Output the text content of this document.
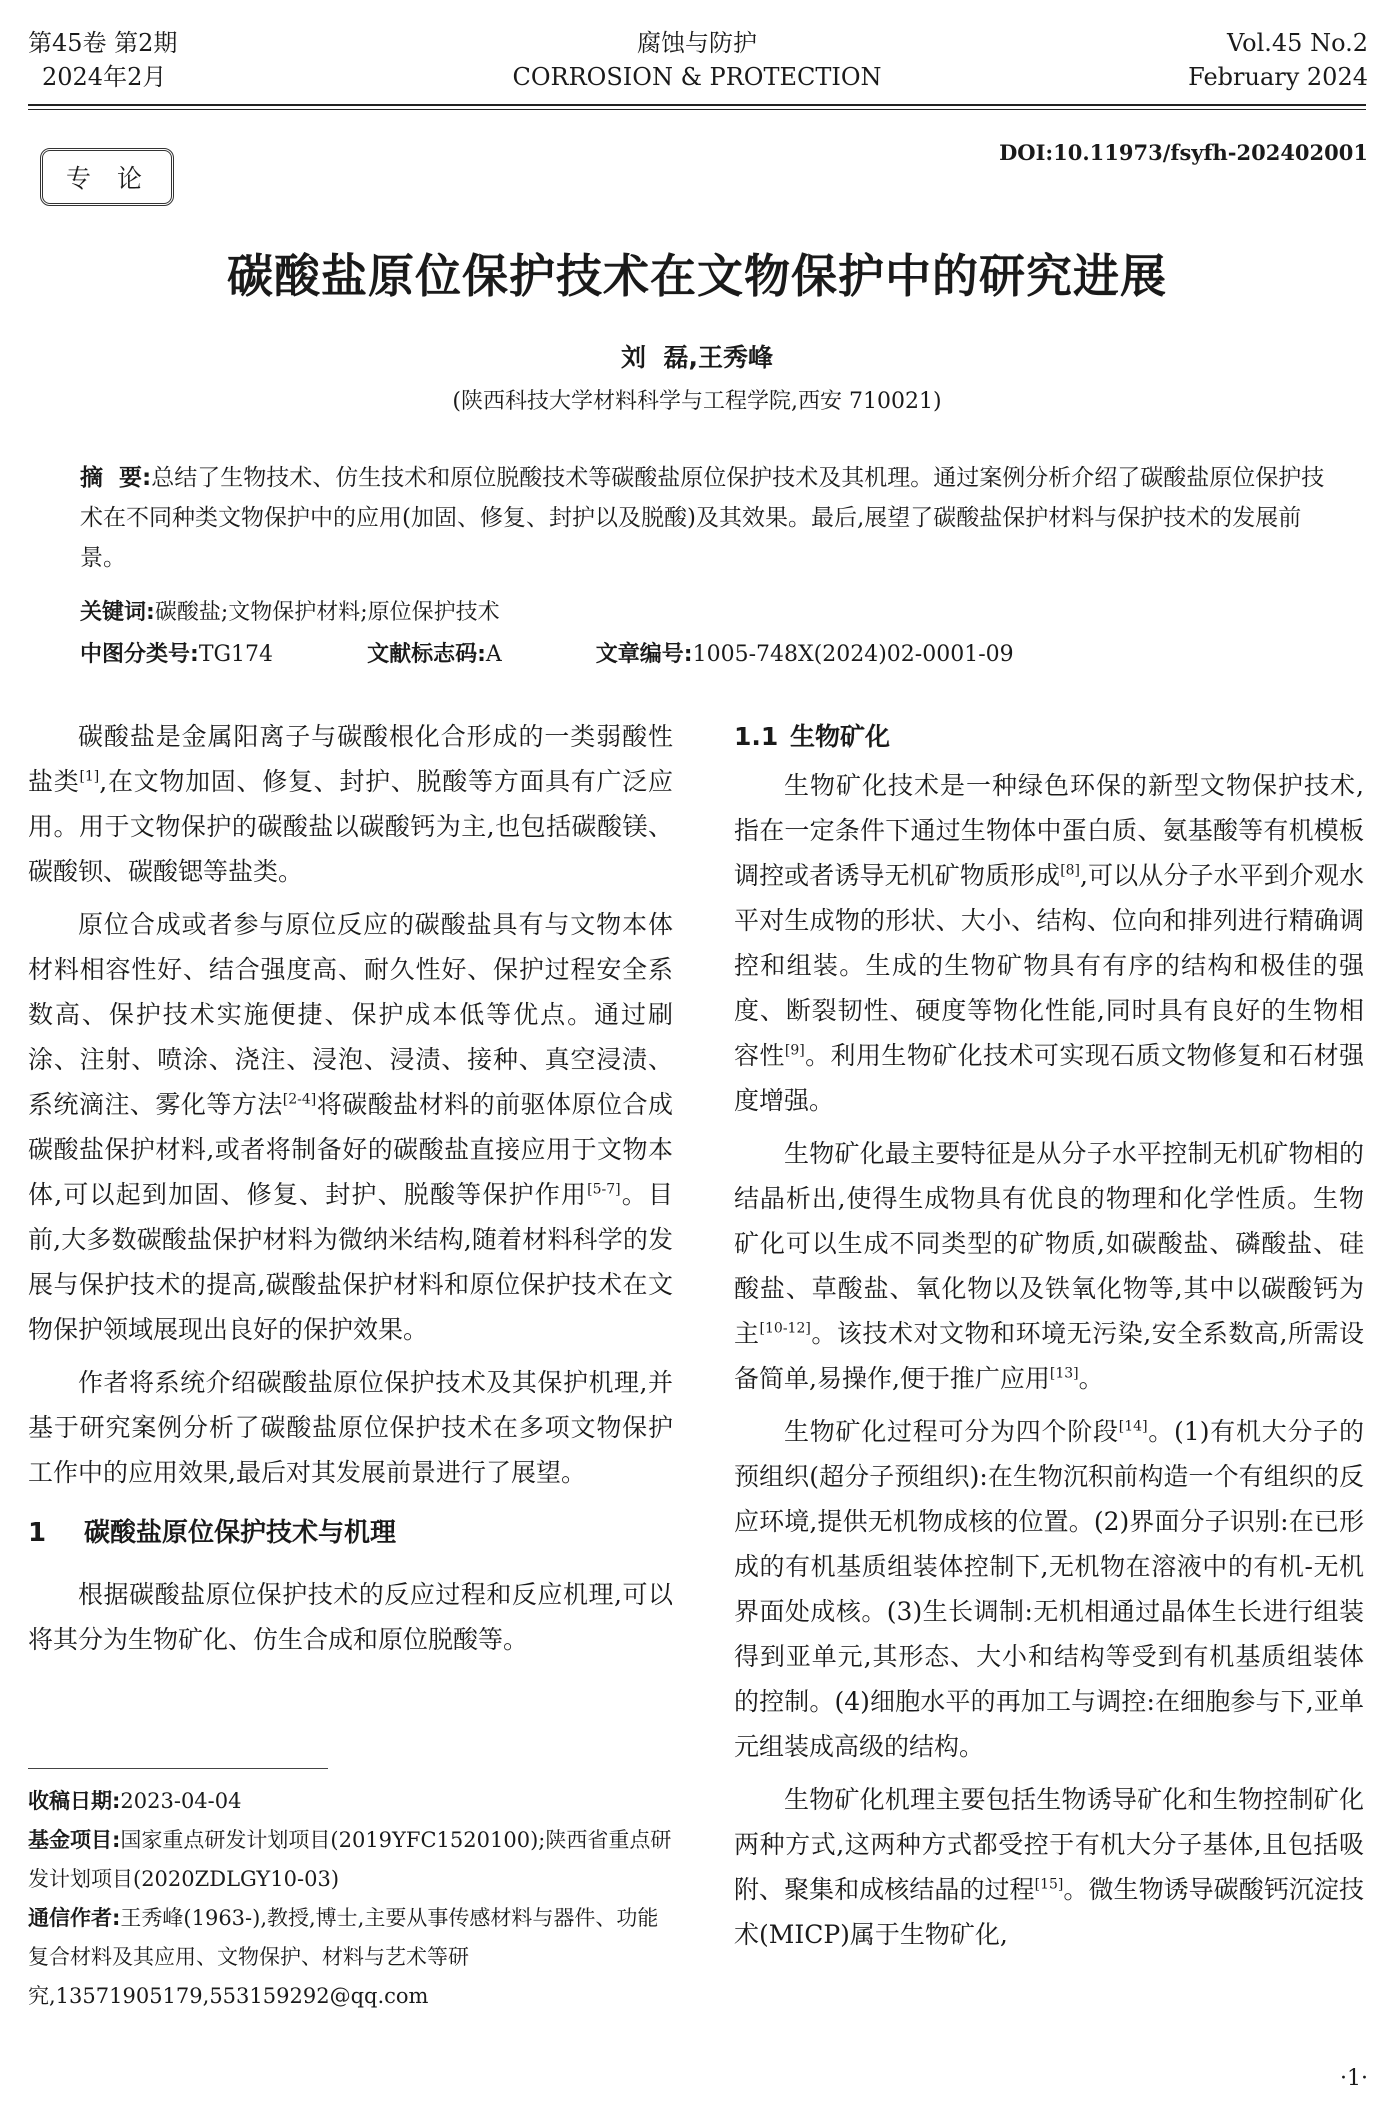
第45卷 第2期
2024年2月
腐蚀与防护
CORROSION & PROTECTION
Vol.45 No.2
February 2024
DOI:10.11973/fsyfh-202402001
专论
碳酸盐原位保护技术在文物保护中的研究进展
刘  磊,王秀峰
(陕西科技大学材料科学与工程学院,西安 710021)
摘  要:总结了生物技术、仿生技术和原位脱酸技术等碳酸盐原位保护技术及其机理。通过案例分析介绍了碳酸盐原位保护技术在不同种类文物保护中的应用(加固、修复、封护以及脱酸)及其效果。最后,展望了碳酸盐保护材料与保护技术的发展前景。
关键词:碳酸盐;文物保护材料;原位保护技术
中图分类号:TG174	文献标志码:A	文章编号:1005-748X(2024)02-0001-09

碳酸盐是金属阳离子与碳酸根化合形成的一类弱酸性盐类[1],在文物加固、修复、封护、脱酸等方面具有广泛应用。用于文物保护的碳酸盐以碳酸钙为主,也包括碳酸镁、碳酸钡、碳酸锶等盐类。

原位合成或者参与原位反应的碳酸盐具有与文物本体材料相容性好、结合强度高、耐久性好、保护过程安全系数高、保护技术实施便捷、保护成本低等优点。通过刷涂、注射、喷涂、浇注、浸泡、浸渍、接种、真空浸渍、系统滴注、雾化等方法[2-4]将碳酸盐材料的前驱体原位合成碳酸盐保护材料,或者将制备好的碳酸盐直接应用于文物本体,可以起到加固、修复、封护、脱酸等保护作用[5-7]。目前,大多数碳酸盐保护材料为微纳米结构,随着材料科学的发展与保护技术的提高,碳酸盐保护材料和原位保护技术在文物保护领域展现出良好的保护效果。

作者将系统介绍碳酸盐原位保护技术及其保护机理,并基于研究案例分析了碳酸盐原位保护技术在多项文物保护工作中的应用效果,最后对其发展前景进行了展望。

1 碳酸盐原位保护技术与机理

根据碳酸盐原位保护技术的反应过程和反应机理,可以将其分为生物矿化、仿生合成和原位脱酸等。

收稿日期:2023-04-04
基金项目:国家重点研发计划项目(2019YFC1520100);陕西省重点研发计划项目(2020ZDLGY10-03)
通信作者:王秀峰(1963-),教授,博士,主要从事传感材料与器件、功能复合材料及其应用、文物保护、材料与艺术等研究,13571905179,553159292@qq.com
1.1 生物矿化

生物矿化技术是一种绿色环保的新型文物保护技术,指在一定条件下通过生物体中蛋白质、氨基酸等有机模板调控或者诱导无机矿物质形成[8],可以从分子水平到介观水平对生成物的形状、大小、结构、位向和排列进行精确调控和组装。生成的生物矿物具有有序的结构和极佳的强度、断裂韧性、硬度等物化性能,同时具有良好的生物相容性[9]。利用生物矿化技术可实现石质文物修复和石材强度增强。

生物矿化最主要特征是从分子水平控制无机矿物相的结晶析出,使得生成物具有优良的物理和化学性质。生物矿化可以生成不同类型的矿物质,如碳酸盐、磷酸盐、硅酸盐、草酸盐、氧化物以及铁氧化物等,其中以碳酸钙为主[10-12]。该技术对文物和环境无污染,安全系数高,所需设备简单,易操作,便于推广应用[13]。

生物矿化过程可分为四个阶段[14]。(1)有机大分子的预组织(超分子预组织):在生物沉积前构造一个有组织的反应环境,提供无机物成核的位置。(2)界面分子识别:在已形成的有机基质组装体控制下,无机物在溶液中的有机-无机界面处成核。(3)生长调制:无机相通过晶体生长进行组装得到亚单元,其形态、大小和结构等受到有机基质组装体的控制。(4)细胞水平的再加工与调控:在细胞参与下,亚单元组装成高级的结构。

生物矿化机理主要包括生物诱导矿化和生物控制矿化两种方式,这两种方式都受控于有机大分子基体,且包括吸附、聚集和成核结晶的过程[15]。微生物诱导碳酸钙沉淀技术(MICP)属于生物矿化,

·1·
